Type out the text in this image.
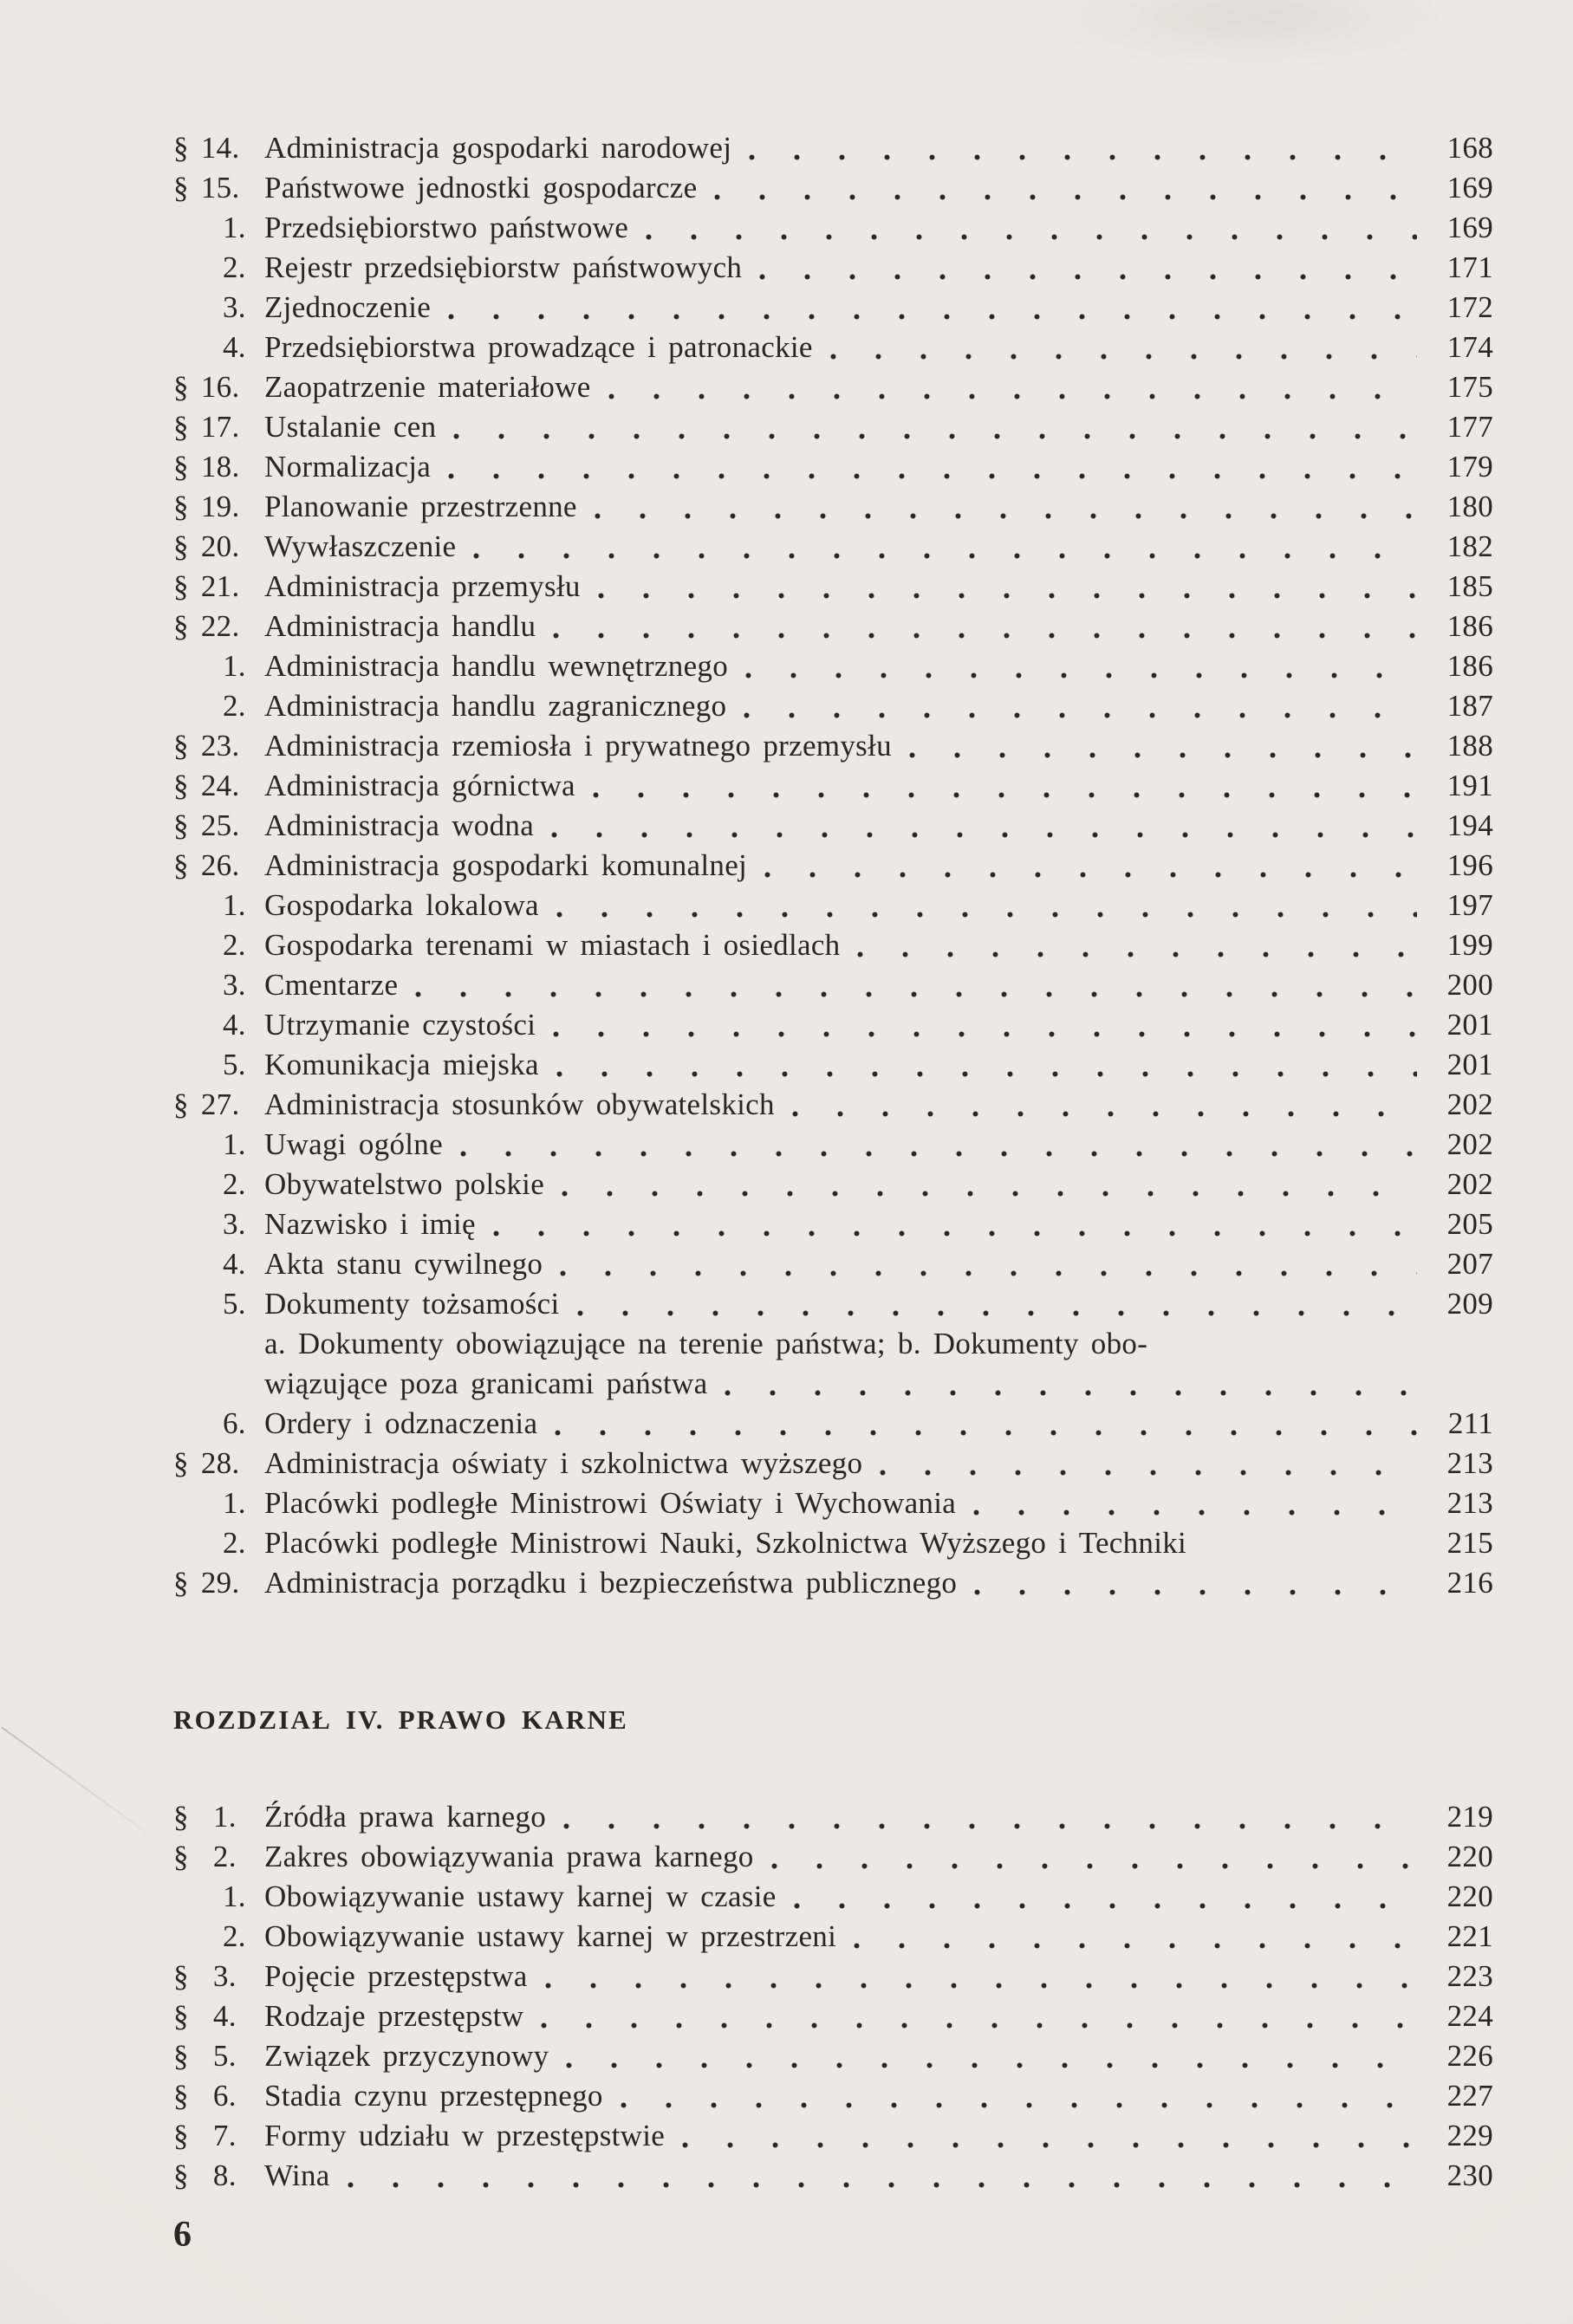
§ 14. Administracja gospodarki narodowej	168
§ 15. Państwowe jednostki gospodarcze	169
1. Przedsiębiorstwo państwowe	169
2. Rejestr przedsiębiorstw państwowych	171
3. Zjednoczenie	172
4. Przedsiębiorstwa prowadzące i patronackie	174
§ 16. Zaopatrzenie materiałowe	175
§ 17. Ustalanie cen	177
§ 18. Normalizacja	179
§ 19. Planowanie przestrzenne	180
§ 20. Wywłaszczenie	182
§ 21. Administracja przemysłu	185
§ 22. Administracja handlu	186
1. Administracja handlu wewnętrznego	186
2. Administracja handlu zagranicznego	187
§ 23. Administracja rzemiosła i prywatnego przemysłu	188
§ 24. Administracja górnictwa	191
§ 25. Administracja wodna	194
§ 26. Administracja gospodarki komunalnej	196
1. Gospodarka lokalowa	197
2. Gospodarka terenami w miastach i osiedlach	199
3. Cmentarze	200
4. Utrzymanie czystości	201
5. Komunikacja miejska	201
§ 27. Administracja stosunków obywatelskich	202
1. Uwagi ogólne	202
2. Obywatelstwo polskie	202
3. Nazwisko i imię	205
4. Akta stanu cywilnego	207
5. Dokumenty tożsamości	209
a. Dokumenty obowiązujące na terenie państwa; b. Dokumenty obo-
wiązujące poza granicami państwa
6. Ordery i odznaczenia	211
§ 28. Administracja oświaty i szkolnictwa wyższego	213
1. Placówki podległe Ministrowi Oświaty i Wychowania	213
2. Placówki podległe Ministrowi Nauki, Szkolnictwa Wyższego i Techniki	215
§ 29. Administracja porządku i bezpieczeństwa publicznego	216
ROZDZIAŁ IV. PRAWO KARNE
§  1. Źródła prawa karnego	219
§  2. Zakres obowiązywania prawa karnego	220
1. Obowiązywanie ustawy karnej w czasie	220
2. Obowiązywanie ustawy karnej w przestrzeni	221
§  3. Pojęcie przestępstwa	223
§  4. Rodzaje przestępstw	224
§  5. Związek przyczynowy	226
§  6. Stadia czynu przestępnego	227
§  7. Formy udziału w przestępstwie	229
§  8. Wina	230
6
